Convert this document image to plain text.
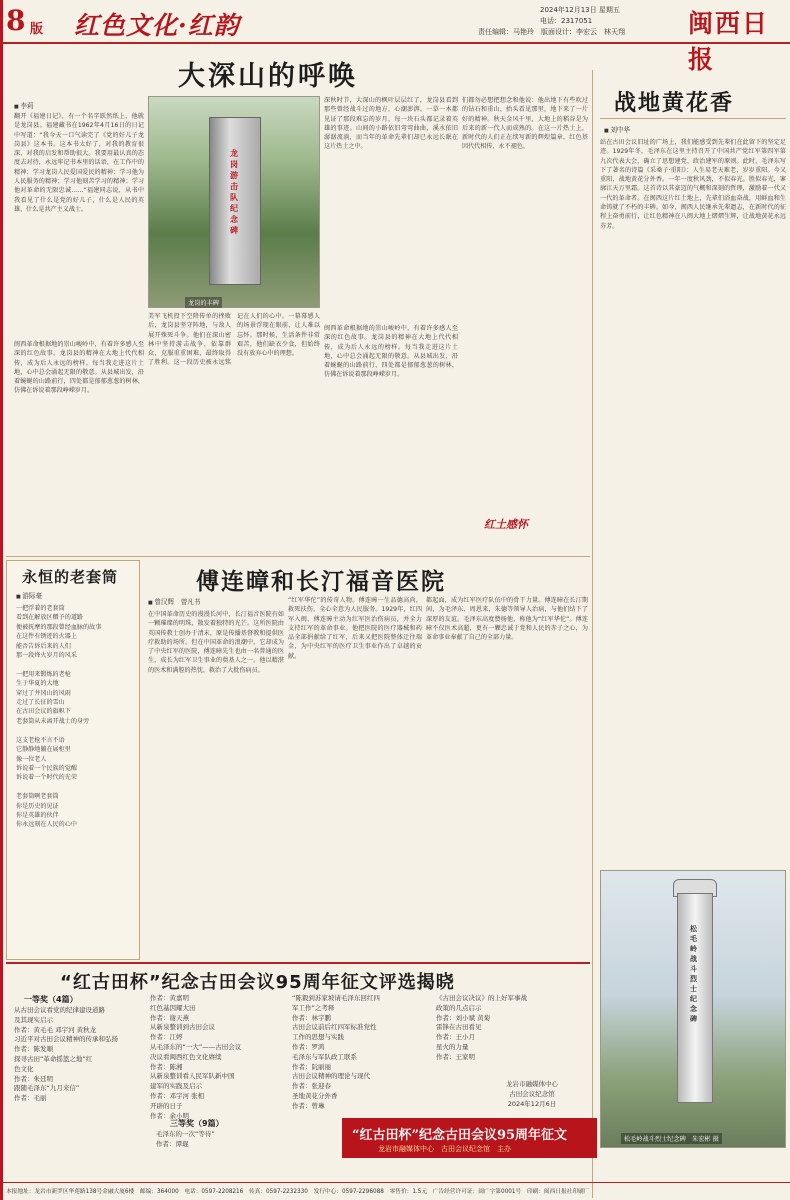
8 版 红色文化·红韵
2024年12月13日 星期五
电话：2317051
责任编辑：马艳玲　版面设计：李宏云　林天翔	闽西日报
大深山的呼唤
■ 李莉
翻开《福建日记》，有一个名字跃然纸上，他就是龙岗县。福建藏书在1962年4月16日的日记中写道：“我今天一口气读完了《党的好儿子龙岗县》这本书。这本书太好了，对我的教育很深，对我的启发和帮助很大。我要用最认真的态度去对待，永远牢记书本里的话语，在工作中的精神；学习龙岗人民爱国爱民的精神；学习他为人民服务的精神；学习他刻苦学习的精神；学习他对革命的无限忠诚……”福建同志说，从书中我看见了什么是党的好儿子，什么是人民的英雄，什么是共产主义战士。
闽西革命根据地的崇山峻岭中，有着许多感人至深的红色故事。龙岗县的精神在大地上代代相传，成为后人永远的榜样。每当我走进这片土地，心中总会涌起无限的敬意。从县城出发，沿着蜿蜒的山路前行，四处都是郁郁葱葱的树林，仿佛在诉说着那段峥嵘岁月。
龙岗游击队纪念碑
龙岗的丰碑
美军飞机投下空降传单的挫败后，龙岗县坚守阵地，与敌人展开殊死斗争。他们在深山密林中坚持游击战争，依靠群众，克服重重困难，最终取得了胜利。这一段历史被永远铭记在人们的心中。一幕幕感人的场景浮现在眼前，让人难以忘怀。那时候，生活条件非常艰苦，他们缺衣少食，但始终没有放弃心中的理想。
深秋时节，大深山的枫叶层层红了，龙岗县看到那些曾经战斗过的地方，心潮澎湃。一草一木都见证了那段难忘的岁月，每一块石头都记录着英雄的事迹。山间的小路依旧弯弯曲曲，溪水依旧潺潺流淌，而当年的革命先辈们却已永远长眠在这片热土之中。
闽西革命根据地的崇山峻岭中，有着许多感人至深的红色故事。龙岗县的精神在大地上代代相传，成为后人永远的榜样。每当我走进这片土地，心中总会涌起无限的敬意。从县城出发，沿着蜿蜒的山路前行，四处都是郁郁葱葱的树林，仿佛在诉说着那段峥嵘岁月。
们都勿必想把想念和他说：他出地下有些吹过的钻石和重山，抬头看见那里，地下来了一片好的精神。秋天金风千里，大地上的稻谷是为后来的新一代人而成熟的。在这一片热土上，新时代的人们正在续写新的辉煌篇章，红色基因代代相传，永不褪色。
红土感怀
战地黄花香
■ 刘中华
站在古田会议旧址的广场上，我们能感受到先辈们在此留下的坚定足迹。1929年冬，毛泽东在这里主持召开了中国共产党红军第四军第九次代表大会，确立了思想建党、政治建军的原则。此时，毛泽东写下了著名的诗篇《采桑子·重阳》：人生易老天难老，岁岁重阳。今又重阳，战地黄花分外香。一年一度秋风劲，不似春光。胜似春光，寥廓江天万里霜。这首诗以其豪迈的气概和深刻的哲理，激励着一代又一代的革命者。在闽西这片红土地上，先辈们浴血奋战，用鲜血和生命铸就了不朽的丰碑。如今，闽西人民继承先辈遗志，在新时代的征程上奋勇前行，让红色精神在八闽大地上熠熠生辉，让战地黄花永远芬芳。
松毛岭战斗烈士纪念碑
松毛岭战斗烈士纪念碑　朱宏彬 摄
永恒的老套筒
■ 游际豪
一把浮着的老套筒
看到在解放区赠予的道路
便被抚摩的那段曾经血脉的故事
在这件有锈迹的火器上
能否告诉后来的人们
那一段烽火岁月的风采

一把用来锻炼的老枪
生于华夏的大地
穿过了井冈山的风雨
走过了长征的雪山
在古田会议的旗帜下
老套筒从未离开战士的身旁

这支老枪不言不语
它静静地躺在展柜里
像一位老人
诉说着一个民族的觉醒
诉说着一个时代的光荣

老套筒啊老套筒
你是历史的见证
你是英雄的伙伴
你永远刻在人民的心中
傅连暲和长汀福音医院
■ 曾汉辉　曾凡书
在中国革命历史的漫漫长河中，长汀福音医院有如一颗璀璨的明珠，散发着独特的光芒。这所医院由英国传教士创办于清末，原是传播基督教和提供医疗救助的场所。但在中国革命的浪潮中，它却成为了中央红军的医院，傅连暲先生也由一名普通的医生，成长为红军卫生事业的奠基人之一。他以精湛的医术和满腔的热忱，救治了大批伤病员。
“红军华佗”的传奇人物。傅连暲一生品德高尚，救死扶伤，全心全意为人民服务。1929年，红四军入闽，傅连暲主动为红军医治伤病员，并全力支持红军的革命事业。他把医院的医疗器械和药品全部捐献给了红军，后来又把医院整体迁往瑞金，为中央红军的医疗卫生事业作出了卓越的贡献。
都起面，成为红军医疗队伍中的骨干力量。傅连暲在长汀期间，为毛泽东、周恩来、朱德等领导人治病，与他们结下了深厚的友谊。毛泽东高度赞扬他，称他为“红军华佗”。傅连暲不仅医术高超，更有一颗忠诚于党和人民的赤子之心，为革命事业奉献了自己的全部力量。
“红古田杯”纪念古田会议95周年征文评选揭晓
一等奖（4篇）
从古田会议看党的纪律建设道路
及其现实启示
作者：黄毛毛 邓宇河 黄秋龙
习近平对古田会议精神的传承和弘扬
作者：陈发顺
探寻古田“革命摇篮之地”红
色文化
作者：朱廷明
跟随毛泽东“九月来信”
作者：毛丽
作者：黄嘉明
红色基因耀大田
作者：谢天燕
从新泉整训到古田会议
作者：江婷
从毛泽东的“一大”——古田会议
决议看闽西红色文化赓续
作者：陈湘
从新泉整训看人民军队新中国
建军的实践及启示
作者：邓宇河 张相
开辟的日子
作者：余小明
三等奖（9篇）
毛泽东的一次“等待”
作者：谭琨
“陈毅到苏家坡请毛泽东回红四
军工作”之考释
作者：林宇鹏
古田会议前后红四军标准党性
工作的思想与实践
作者：罗鸿
毛泽东与军队政工联系
作者：阮丽丽
古田会议精神的理论与现代
作者：张迎春
圣地黄花分外香
作者：曾琳
《古田会议决议》的上好军事战
政策的几点启示
作者：刘小斌 黄菊
雷锋在古田看见
作者：王小月
星火的力量
作者：王家明
龙岩市融媒体中心
古田会议纪念馆
2024年12月6日
“红古田杯”纪念古田会议95周年征文
龙岩市融媒体中心　古田会议纪念馆　主办
本报地址：龙岩市新罗区华莲路138号金融大厦6楼　邮编：364000　电话：0597-2208216　传真：0597-2232330　发行中心：0597-2296088　零售价：1.5元　广告经营许可证：闽广字第0001号　印刷：闽西日报社印刷厂
